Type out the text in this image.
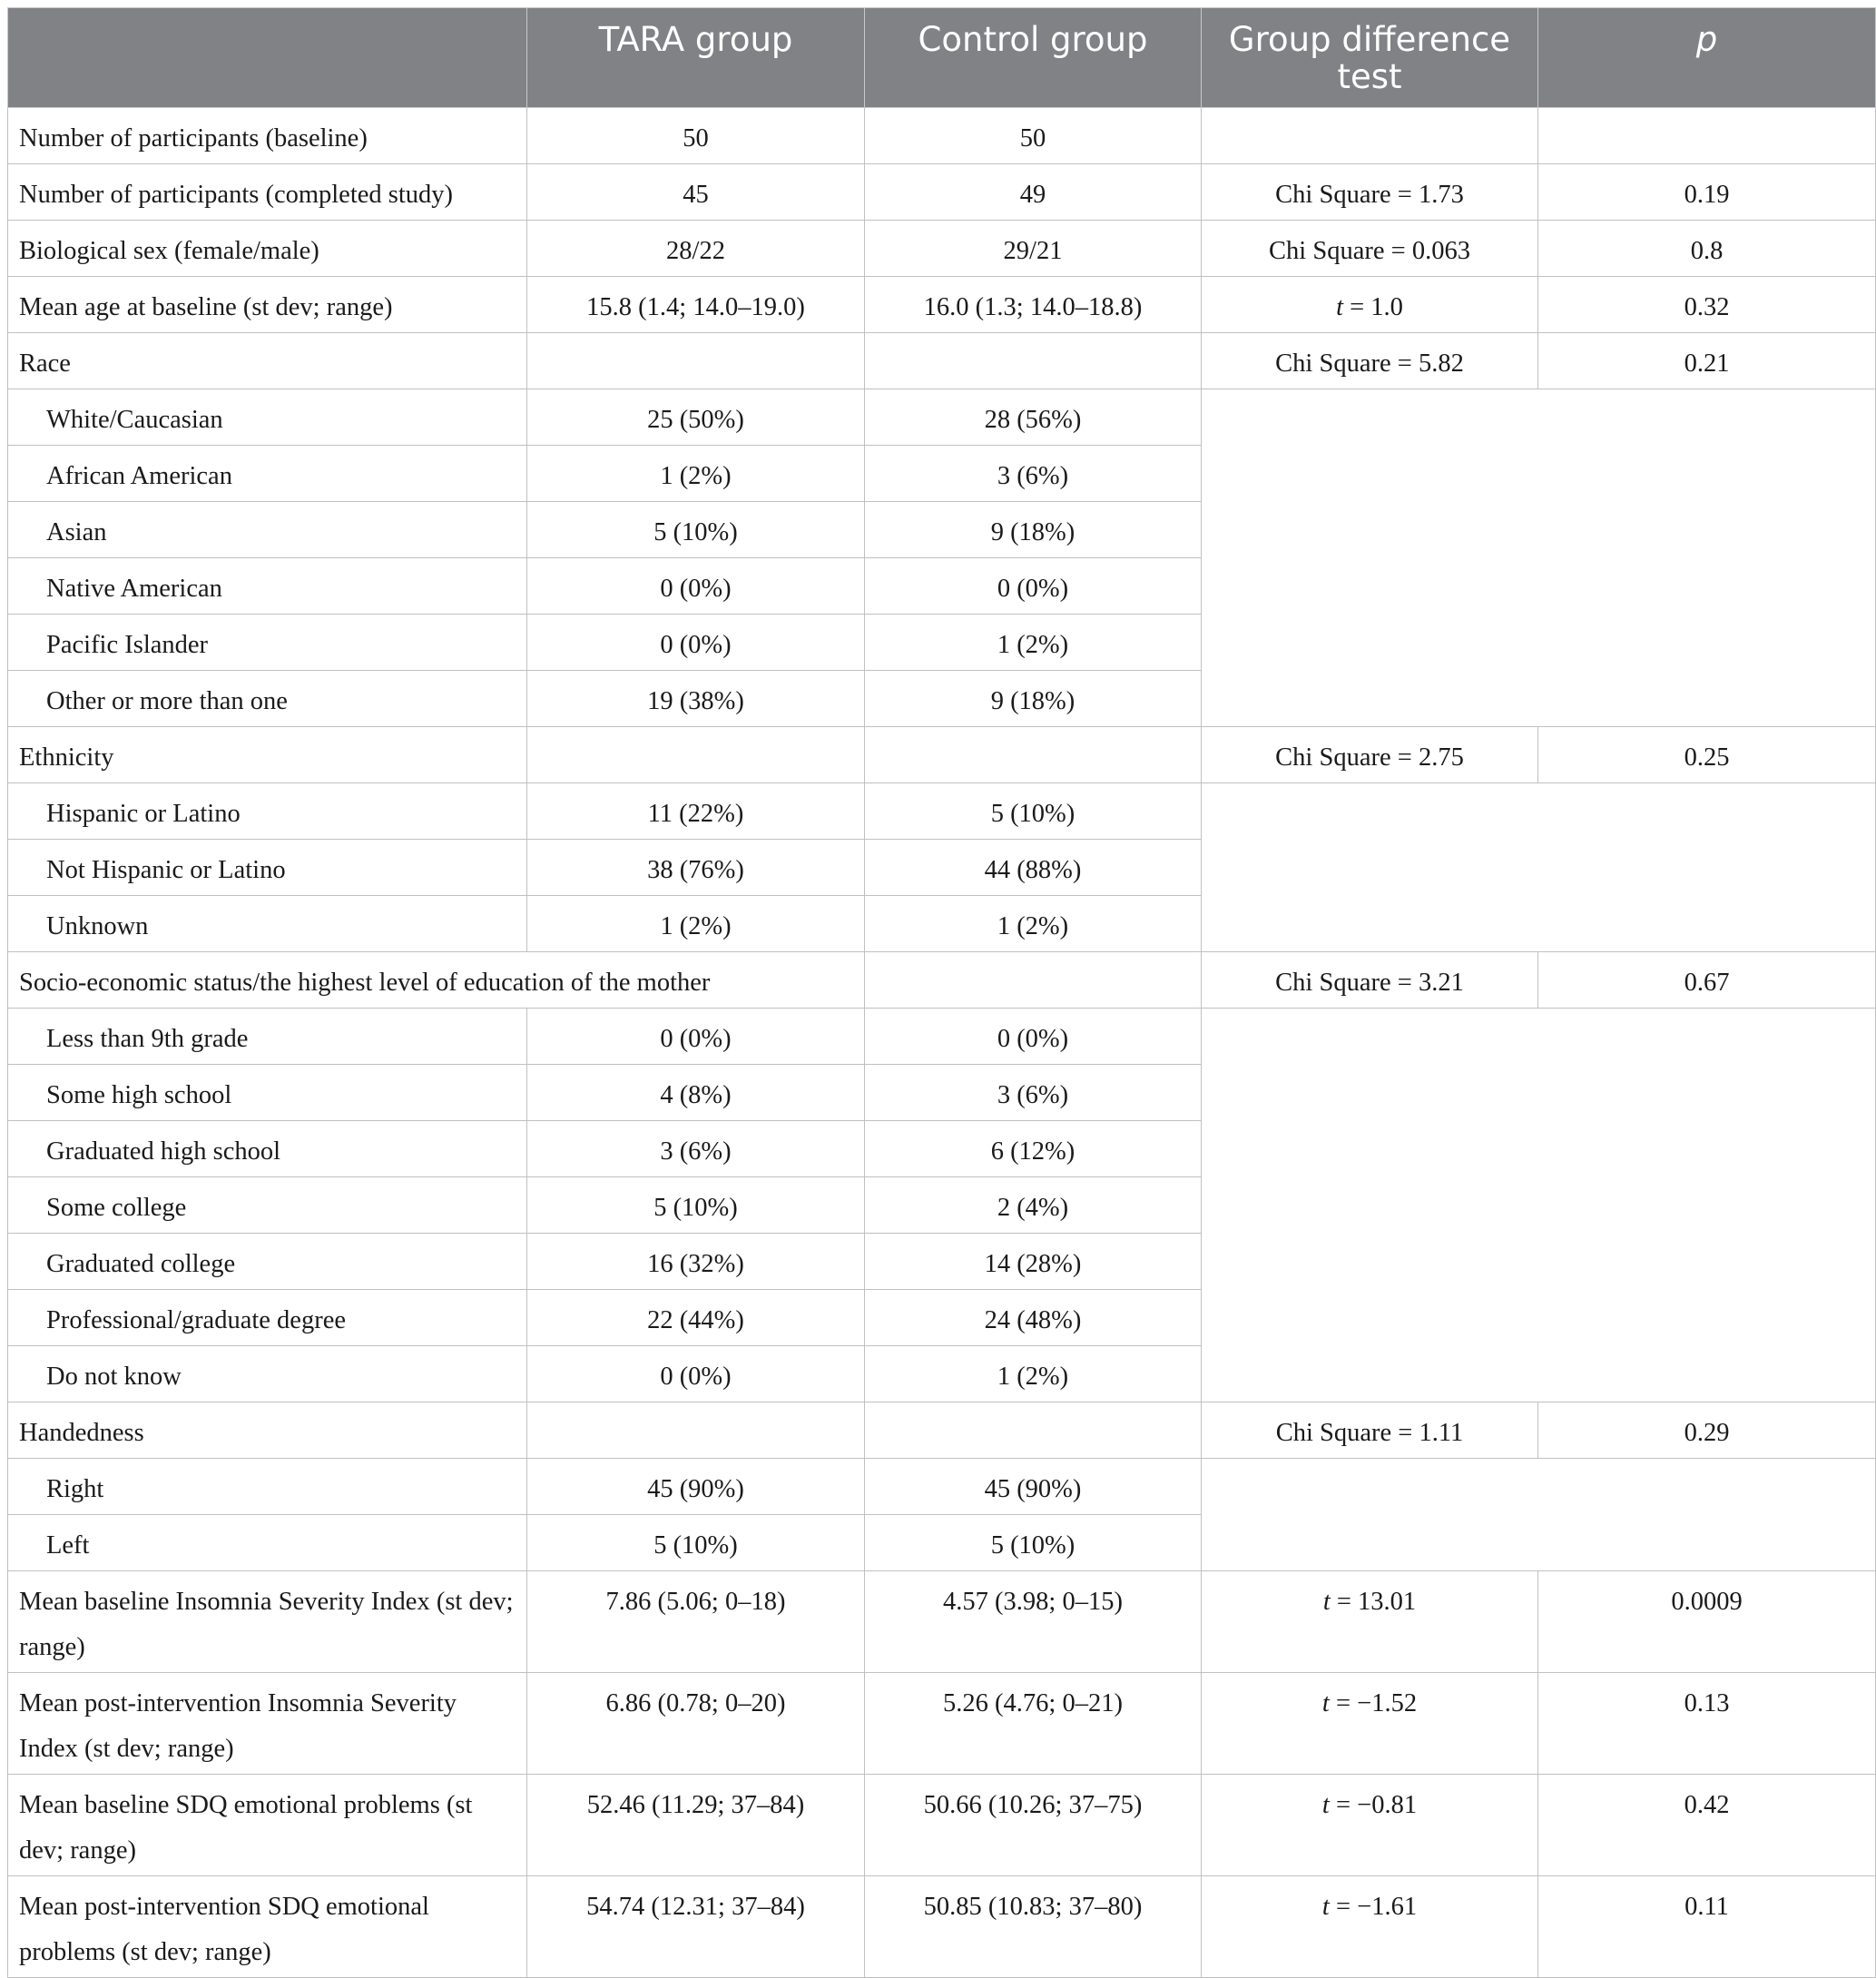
	TARA group	Control group	Group difference test	p
Number of participants (baseline)	50	50		
Number of participants (completed study)	45	49	Chi Square = 1.73	0.19
Biological sex (female/male)	28/22	29/21	Chi Square = 0.063	0.8
Mean age at baseline (st dev; range)	15.8 (1.4; 14.0–19.0)	16.0 (1.3; 14.0–18.8)	t = 1.0	0.32
Race			Chi Square = 5.82	0.21
White/Caucasian	25 (50%)	28 (56%)		
African American	1 (2%)	3 (6%)		
Asian	5 (10%)	9 (18%)		
Native American	0 (0%)	0 (0%)		
Pacific Islander	0 (0%)	1 (2%)		
Other or more than one	19 (38%)	9 (18%)		
Ethnicity			Chi Square = 2.75	0.25
Hispanic or Latino	11 (22%)	5 (10%)		
Not Hispanic or Latino	38 (76%)	44 (88%)		
Unknown	1 (2%)	1 (2%)		
Socio-economic status/the highest level of education of the mother			Chi Square = 3.21	0.67
Less than 9th grade	0 (0%)	0 (0%)		
Some high school	4 (8%)	3 (6%)		
Graduated high school	3 (6%)	6 (12%)		
Some college	5 (10%)	2 (4%)		
Graduated college	16 (32%)	14 (28%)		
Professional/graduate degree	22 (44%)	24 (48%)		
Do not know	0 (0%)	1 (2%)		
Handedness			Chi Square = 1.11	0.29
Right	45 (90%)	45 (90%)		
Left	5 (10%)	5 (10%)		
Mean baseline Insomnia Severity Index (st dev; range)	7.86 (5.06; 0–18)	4.57 (3.98; 0–15)	t = 13.01	0.0009
Mean post-intervention Insomnia Severity Index (st dev; range)	6.86 (0.78; 0–20)	5.26 (4.76; 0–21)	t = −1.52	0.13
Mean baseline SDQ emotional problems (st dev; range)	52.46 (11.29; 37–84)	50.66 (10.26; 37–75)	t = −0.81	0.42
Mean post-intervention SDQ emotional problems (st dev; range)	54.74 (12.31; 37–84)	50.85 (10.83; 37–80)	t = −1.61	0.11
